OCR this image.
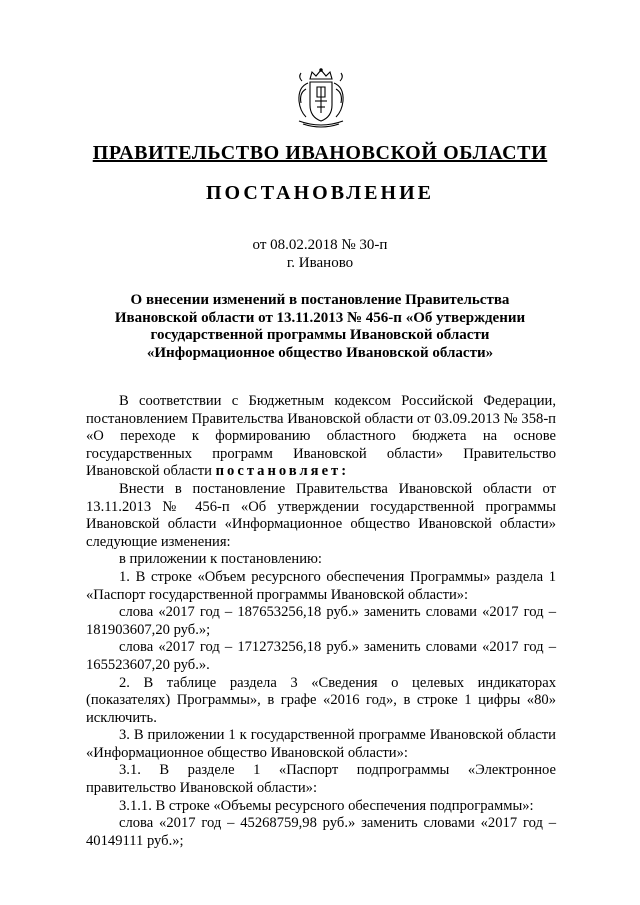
ПРАВИТЕЛЬСТВО ИВАНОВСКОЙ ОБЛАСТИ
ПОСТАНОВЛЕНИЕ
от 08.02.2018 № 30-п
г. Иваново
О внесении изменений в постановление Правительства
Ивановской области от 13.11.2013 № 456-п «Об утверждении
государственной программы Ивановской области
«Информационное общество Ивановской области»

В соответствии с Бюджетным кодексом Российской Федерации, постановлением Правительства Ивановской области от 03.09.2013 № 358-п «О переходе к формированию областного бюджета на основе государственных программ Ивановской области» Правительство Ивановской области постановляет:

Внести в постановление Правительства Ивановской области от 13.11.2013 № 456-п «Об утверждении государственной программы Ивановской области «Информационное общество Ивановской области» следующие изменения:

в приложении к постановлению:

1. В строке «Объем ресурсного обеспечения Программы» раздела 1 «Паспорт государственной программы Ивановской области»:

слова «2017 год – 187653256,18 руб.» заменить словами «2017 год – 181903607,20 руб.»;

слова «2017 год – 171273256,18 руб.» заменить словами «2017 год – 165523607,20 руб.».

2. В таблице раздела 3 «Сведения о целевых индикаторах (показателях) Программы», в графе «2016 год», в строке 1 цифры «80» исключить.

3. В приложении 1 к государственной программе Ивановской области «Информационное общество Ивановской области»:

3.1. В разделе 1 «Паспорт подпрограммы «Электронное правительство Ивановской области»:

3.1.1. В строке «Объемы ресурсного обеспечения подпрограммы»:

слова «2017 год – 45268759,98 руб.» заменить словами «2017 год – 40149111 руб.»;
